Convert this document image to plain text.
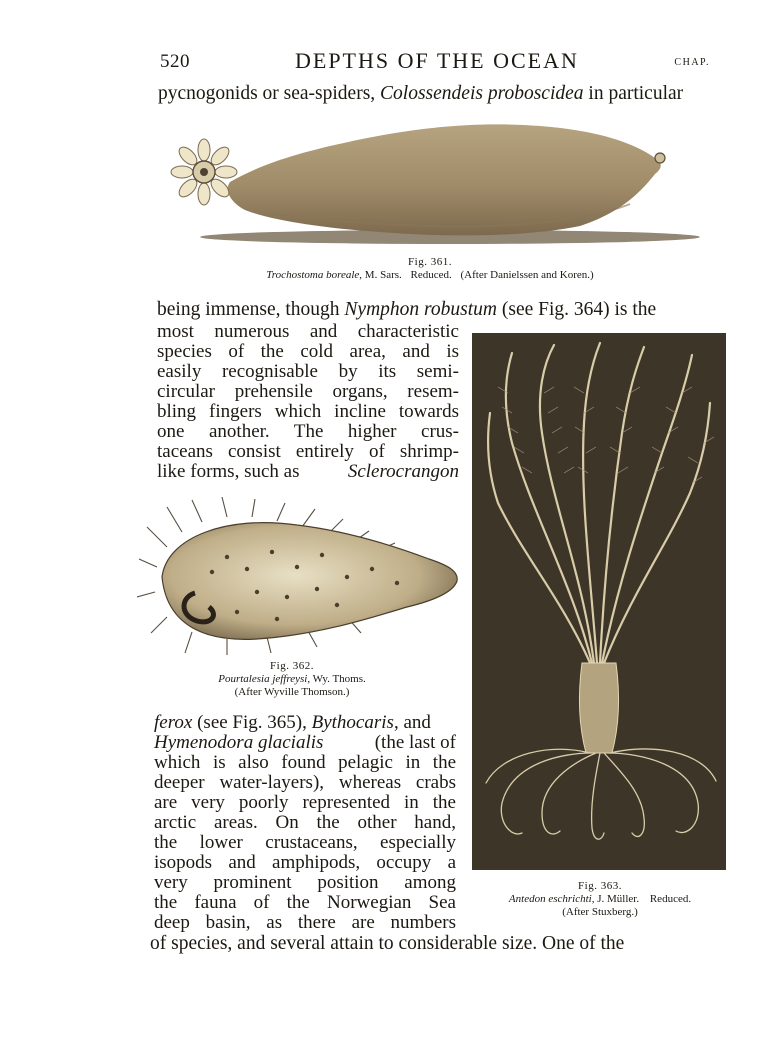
520	DEPTHS OF THE OCEAN	CHAP.
pycnogonids or sea-spiders, Colossendeis proboscidea in particular
Fig. 361.
Trochostoma boreale, M. Sars. Reduced. (After Danielssen and Koren.)
being immense, though Nymphon robustum (see Fig. 364) is the
most numerous and characteristic
species of the cold area, and is
easily recognisable by its semi-
circular prehensile organs, resem-
bling fingers which incline towards
one another. The higher crus-
taceans consist entirely of shrimp-
like forms, such as	Sclerocrangon
Fig. 362.
Pourtalesia jeffreysi, Wy. Thoms.
(After Wyville Thomson.)
ferox (see Fig. 365), Bythocaris, and
Hymenodora glacialis	(the last of
which is also found pelagic in the
deeper water-layers), whereas crabs
are very poorly represented in the
arctic areas. On the other hand,
the lower crustaceans, especially
isopods and amphipods, occupy a
very prominent position among
the fauna of the Norwegian Sea
deep basin, as there are numbers
of species, and several attain to considerable size. One of the
Fig. 363.
Antedon eschrichti, J. Müller. Reduced.
(After Stuxberg.)
